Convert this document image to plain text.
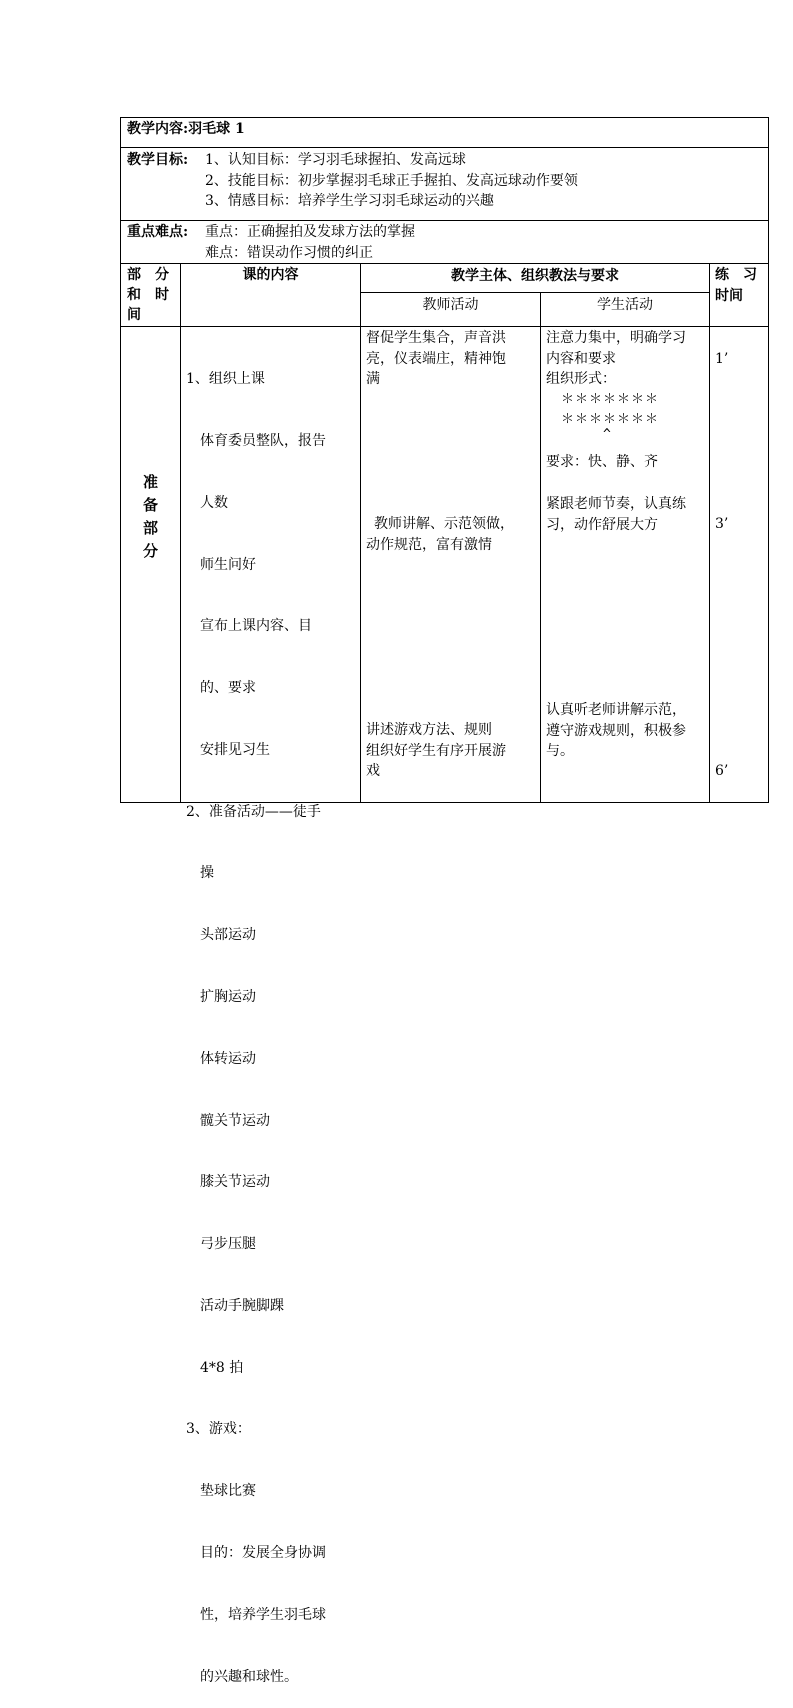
教学内容:羽毛球 1
教学目标: 1、认知目标：学习羽毛球握拍、发高远球
2、技能目标：初步掌握羽毛球正手握拍、发高远球动作要领
3、情感目标：培养学生学习羽毛球运动的兴趣
重点难点: 重点：正确握拍及发球方法的掌握
难点：错误动作习惯的纠正
部　分
和　时
间
课的内容	教学主体、组织教法与要求
教师活动	学生活动
练　习
时间
准
备
部
分

1、组织上课

　体育委员整队，报告

　人数

　师生问好

　宣布上课内容、目

　的、要求

　安排见习生

2、准备活动——徒手

　操

　头部运动

　扩胸运动

　体转运动

　髋关节运动

　膝关节运动

　弓步压腿

　活动手腕脚踝

　4*8 拍

3、游戏：

　垫球比赛

　目的：发展全身协调

　性，培养学生羽毛球

　的兴趣和球性。

督促学生集合，声音洪
亮，仪表端庄，精神饱
满
教师讲解、示范领做，
动作规范，富有激情
讲述游戏方法、规则
组织好学生有序开展游
戏
注意力集中，明确学习
内容和要求
组织形式：
＊＊＊＊＊＊＊
＊＊＊＊＊＊＊
^
要求：快、静、齐
紧跟老师节奏，认真练
习，动作舒展大方
认真听老师讲解示范，
遵守游戏规则，积极参
与。
1’
3’
6’
